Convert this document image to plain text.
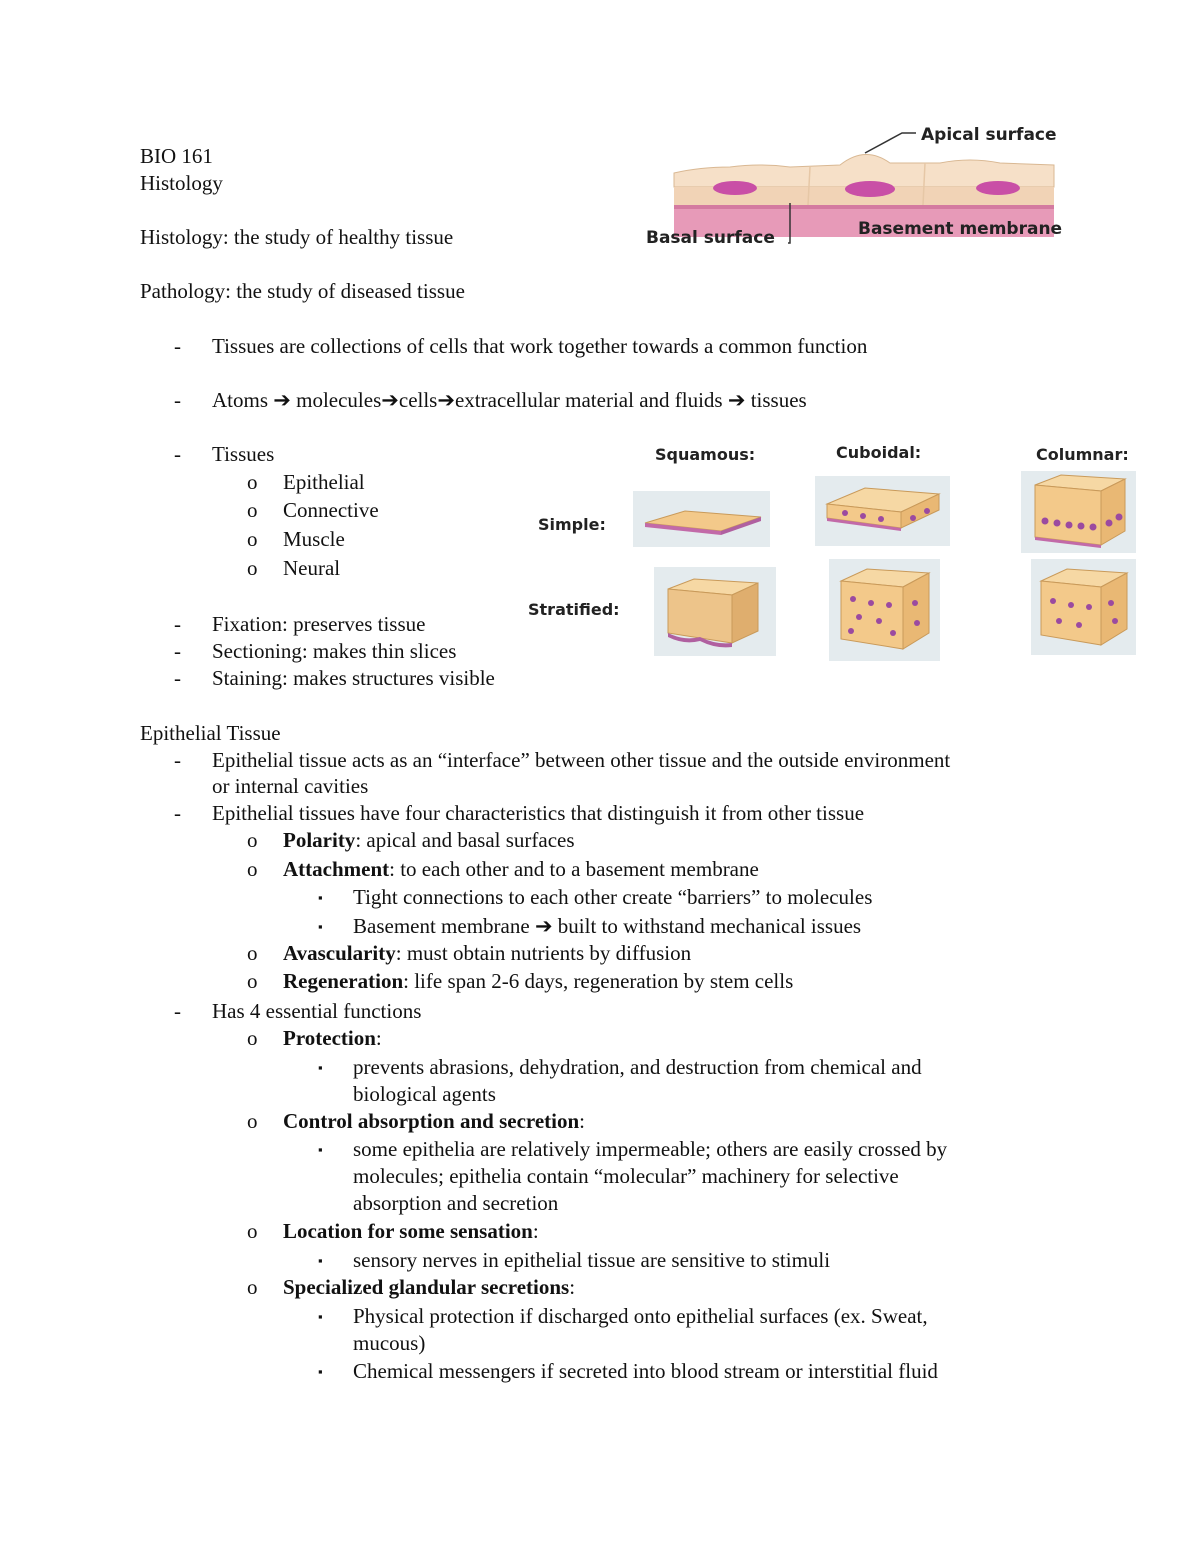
BIO 161
Histology
Histology: the study of healthy tissue
Pathology: the study of diseased tissue
- Tissues are collections of cells that work together towards a common function
- Atoms ➔ molecules➔cells➔extracellular material and fluids ➔ tissues
- Tissues
o Epithelial
o Connective
o Muscle
o Neural
- Fixation: preserves tissue
- Sectioning: makes thin slices
- Staining: makes structures visible
Epithelial Tissue
- Epithelial tissue acts as an “interface” between other tissue and the outside environment
or internal cavities
- Epithelial tissues have four characteristics that distinguish it from other tissue
o Polarity: apical and basal surfaces
o Attachment: to each other and to a basement membrane
▪ Tight connections to each other create “barriers” to molecules
▪ Basement membrane ➔ built to withstand mechanical issues
o Avascularity: must obtain nutrients by diffusion
o Regeneration: life span 2-6 days, regeneration by stem cells
- Has 4 essential functions
o Protection:
▪ prevents abrasions, dehydration, and destruction from chemical and
biological agents
o Control absorption and secretion:
▪ some epithelia are relatively impermeable; others are easily crossed by
molecules; epithelia contain “molecular” machinery for selective
absorption and secretion
o Location for some sensation:
▪ sensory nerves in epithelial tissue are sensitive to stimuli
o Specialized glandular secretions:
▪ Physical protection if discharged onto epithelial surfaces (ex. Sweat,
mucous)
▪ Chemical messengers if secreted into blood stream or interstitial fluid
Apical surface
Basal surface	Basement membrane
Squamous:	Cuboidal:	Columnar:
Simple:
Stratified:
